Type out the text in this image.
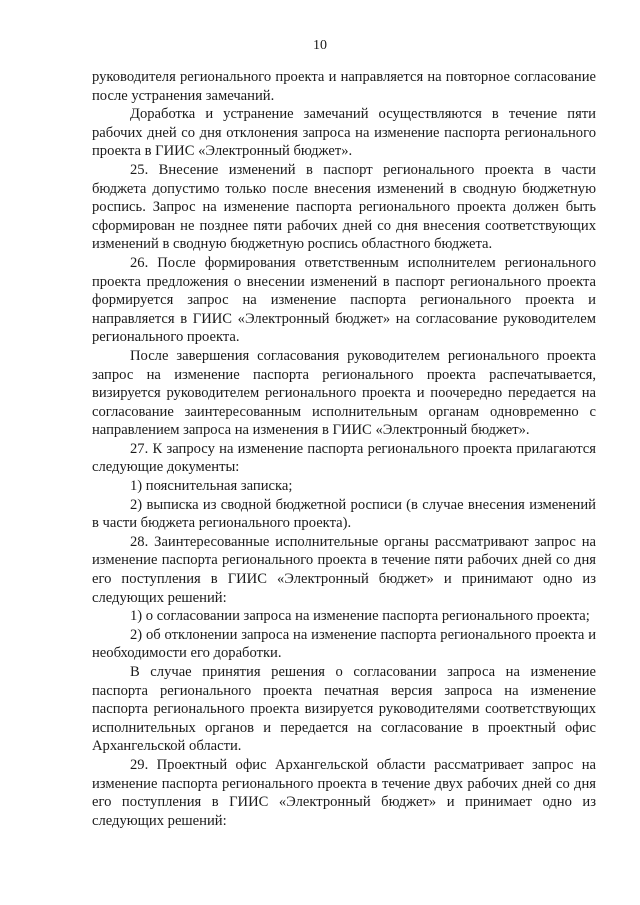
10

руководителя регионального проекта и направляется на повторное согласование после устранения замечаний.

Доработка и устранение замечаний осуществляются в течение пяти рабочих дней со дня отклонения запроса на изменение паспорта регионального проекта в ГИИС «Электронный бюджет».

25. Внесение изменений в паспорт регионального проекта в части бюджета допустимо только после внесения изменений в сводную бюджетную роспись. Запрос на изменение паспорта регионального проекта должен быть сформирован не позднее пяти рабочих дней со дня внесения соответствующих изменений в сводную бюджетную роспись областного бюджета.

26. После формирования ответственным исполнителем регионального проекта предложения о внесении изменений в паспорт регионального проекта формируется запрос на изменение паспорта регионального проекта и направляется в ГИИС «Электронный бюджет» на согласование руководителем регионального проекта.

После завершения согласования руководителем регионального проекта запрос на изменение паспорта регионального проекта распечатывается, визируется руководителем регионального проекта и поочередно передается на согласование заинтересованным исполнительным органам одновременно с направлением запроса на изменения в ГИИС «Электронный бюджет».

27. К запросу на изменение паспорта регионального проекта прилагаются следующие документы:

1) пояснительная записка;

2) выписка из сводной бюджетной росписи (в случае внесения изменений в части бюджета регионального проекта).

28. Заинтересованные исполнительные органы рассматривают запрос на изменение паспорта регионального проекта в течение пяти рабочих дней со дня его поступления в ГИИС «Электронный бюджет» и принимают одно из следующих решений:

1) о согласовании запроса на изменение паспорта регионального проекта;

2) об отклонении запроса на изменение паспорта регионального проекта и необходимости его доработки.

В случае принятия решения о согласовании запроса на изменение паспорта регионального проекта печатная версия запроса на изменение паспорта регионального проекта визируется руководителями соответствующих исполнительных органов и передается на согласование в проектный офис Архангельской области.

29. Проектный офис Архангельской области рассматривает запрос на изменение паспорта регионального проекта в течение двух рабочих дней со дня его поступления в ГИИС «Электронный бюджет» и принимает одно из следующих решений:
